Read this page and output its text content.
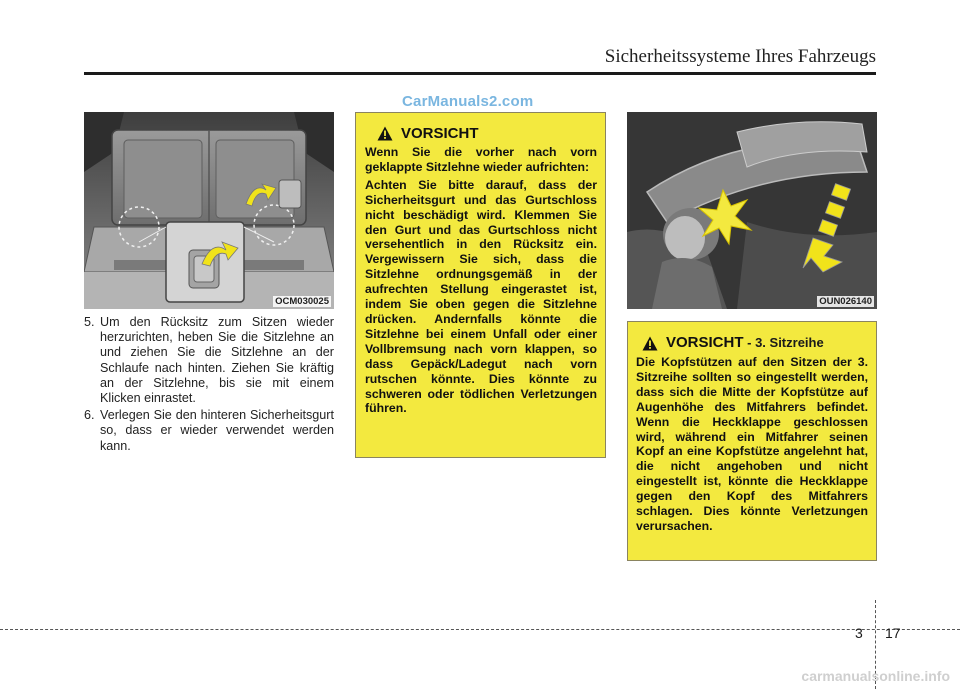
Sicherheitssysteme Ihres Fahrzeugs
CarManuals2.com
OCM030025
5. Um den Rücksitz zum Sitzen wieder herzurichten, heben Sie die Sitzlehne an und ziehen Sie die Sitzlehne an der Schlaufe nach hinten. Ziehen Sie kräftig an der Sitzlehne, bis sie mit einem Klicken einrastet.
6. Verlegen Sie den hinteren Sicherheitsgurt so, dass er wieder verwendet werden kann.
VORSICHT

Wenn Sie die vorher nach vorn geklappte Sitzlehne wieder aufrichten:

Achten Sie bitte darauf, dass der Sicherheitsgurt und das Gurtschloss nicht beschädigt wird. Klemmen Sie den Gurt und das Gurtschloss nicht versehentlich in den Rücksitz ein. Vergewissern Sie sich, dass die Sitzlehne ordnungsgemäß in der aufrechten Stellung eingerastet ist, indem Sie oben gegen die Sitzlehne drücken. Andernfalls könnte die Sitzlehne bei einem Unfall oder einer Vollbremsung nach vorn klappen, so dass Gepäck/Ladegut nach vorn rutschen könnte. Dies könnte zu schweren oder tödlichen Verletzungen führen.

OUN026140
VORSICHT - 3. Sitzreihe

Die Kopfstützen auf den Sitzen der 3. Sitzreihe sollten so eingestellt werden, dass sich die Mitte der Kopfstütze auf Augenhöhe des Mitfahrers befindet. Wenn die Heckklappe geschlossen wird, während ein Mitfahrer seinen Kopf an eine Kopfstütze angelehnt hat, die nicht angehoben und nicht eingestellt ist, könnte die Heckklappe gegen den Kopf des Mitfahrers schlagen. Dies könnte Verletzungen verursachen.

3 17
carmanualsonline.info
